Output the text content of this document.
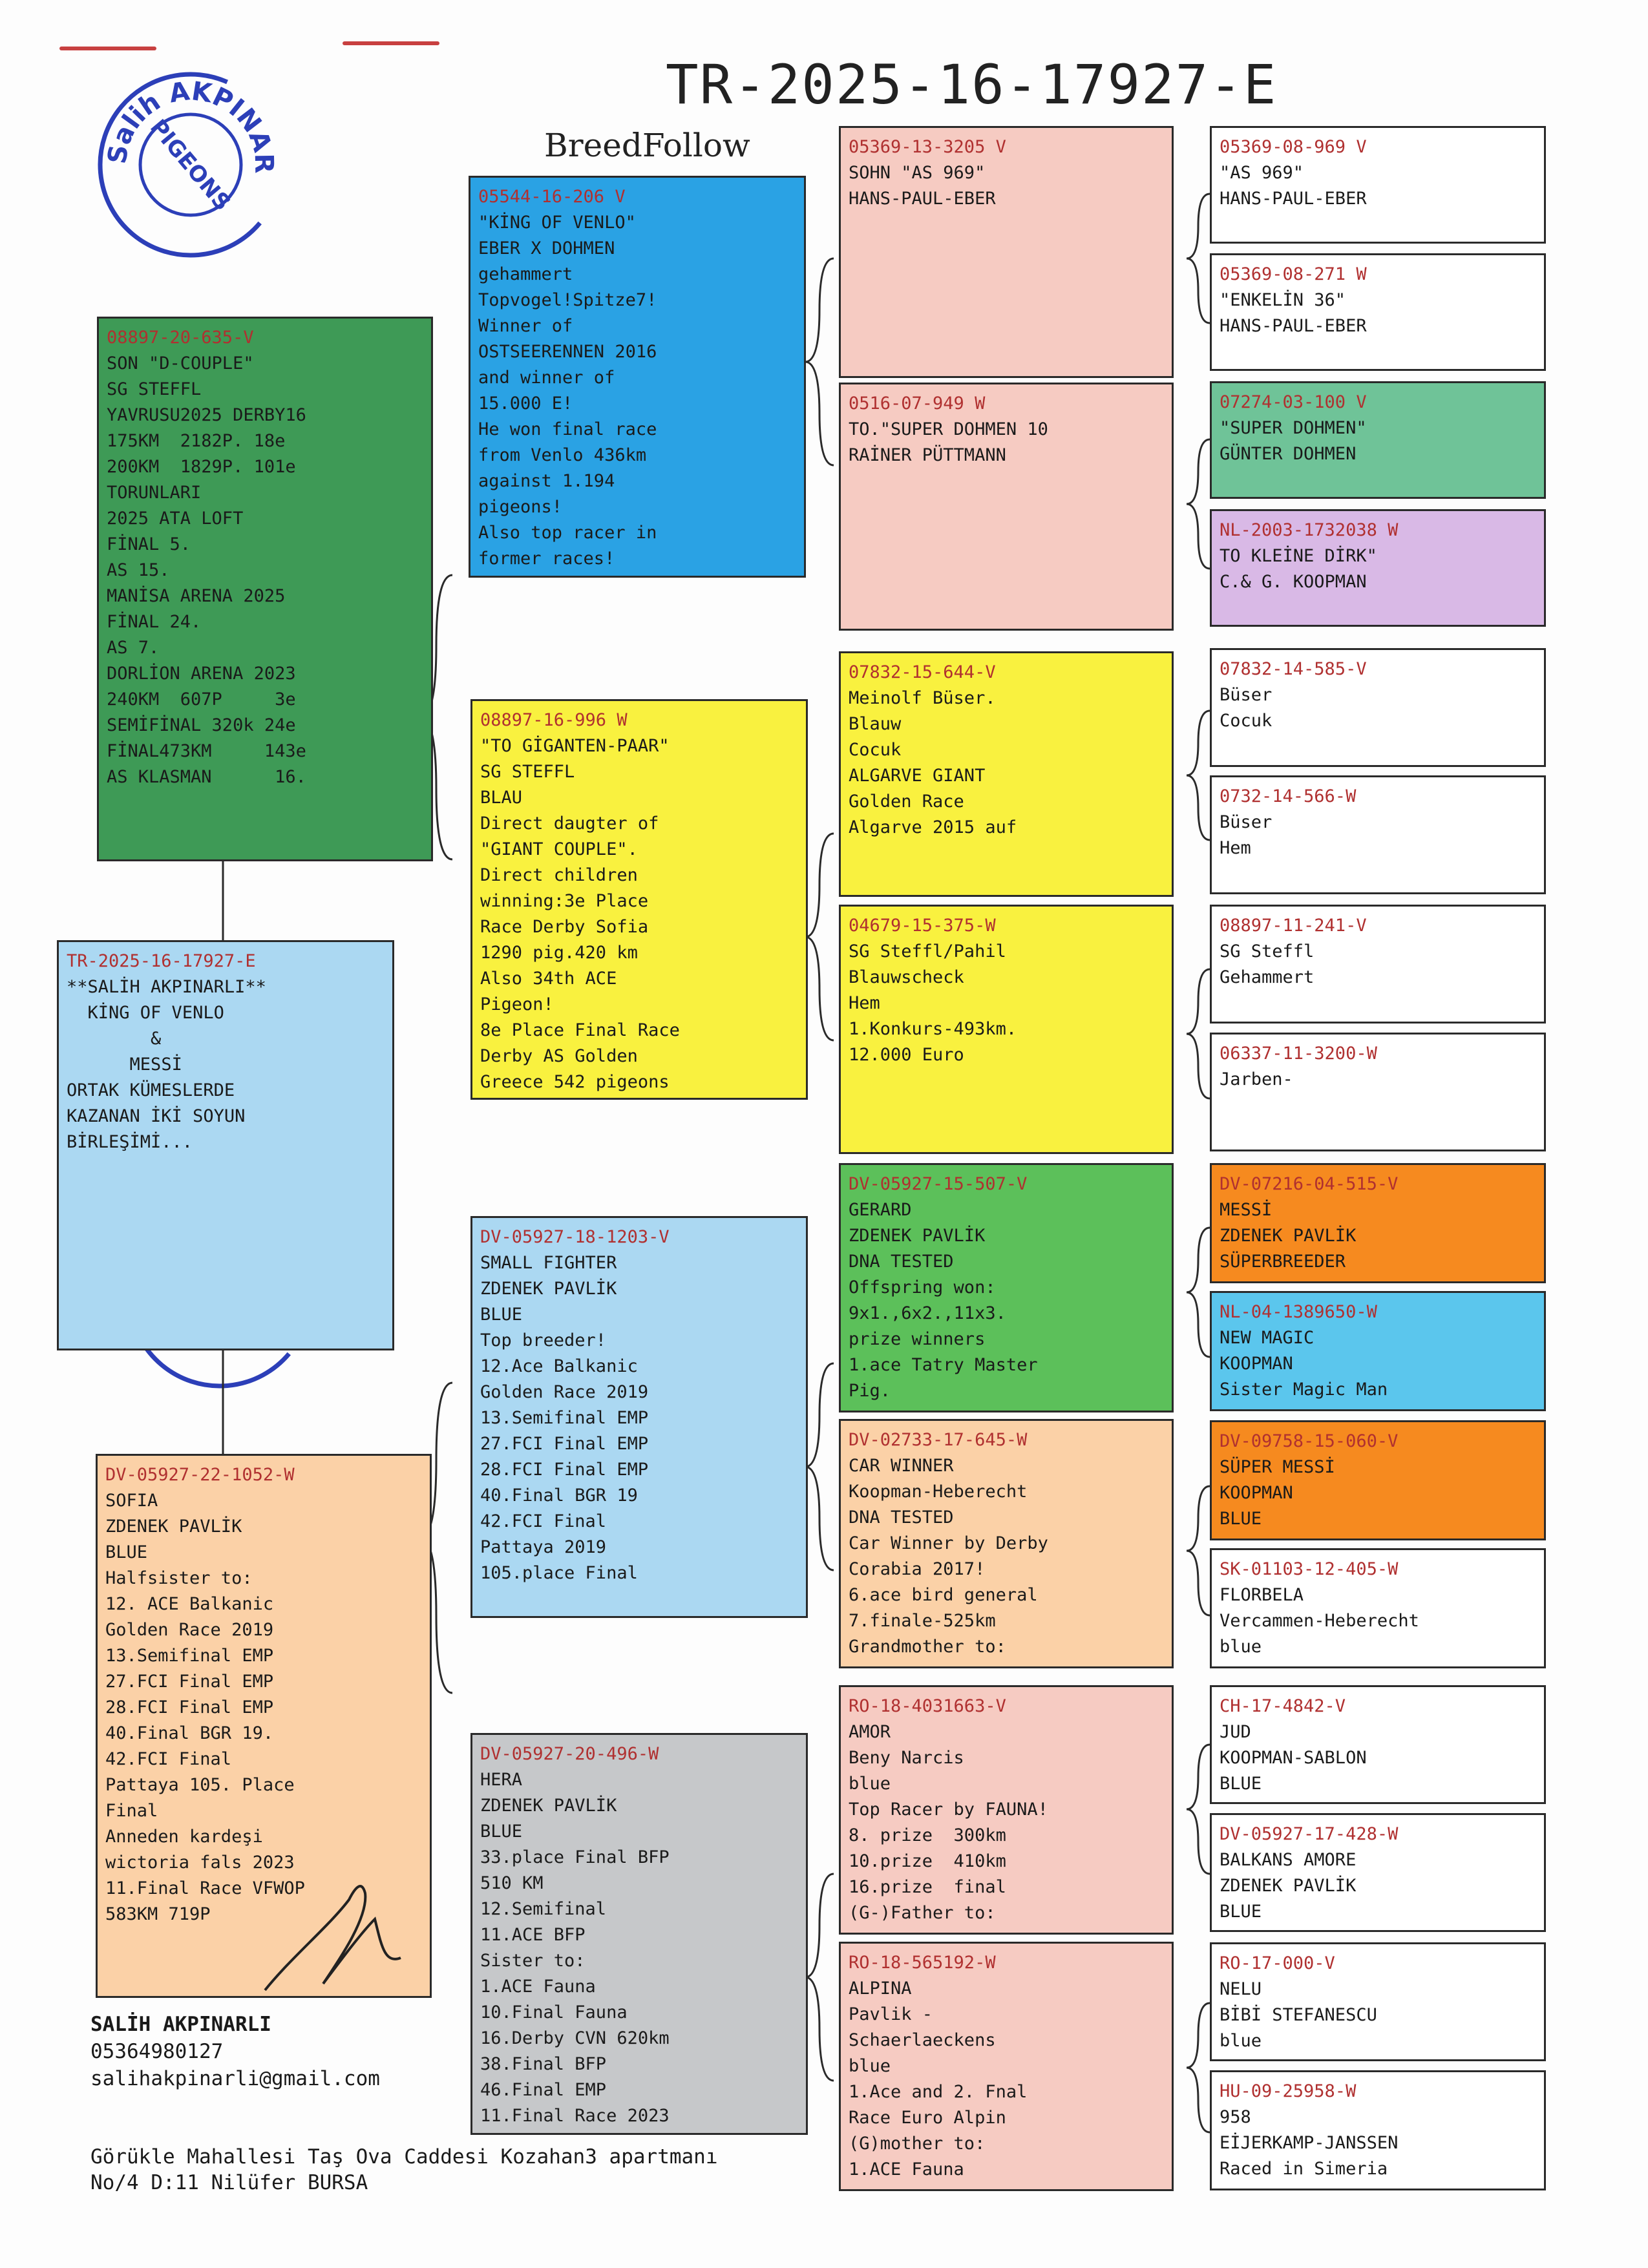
Salih AKPINAR
PIGEONS
TR-2025-16-17927-E
BreedFollow
TR-2025-16-17927-E
**SALİH AKPINARLI**
KİNG OF VENLO
&
MESSİ
ORTAK KÜMESLERDE
KAZANAN İKİ SOYUN
BİRLEŞİMİ...
08897-20-635-V
SON "D-COUPLE"
SG STEFFL
YAVRUSU2025 DERBY16
175KM  2182P. 18e
200KM  1829P. 101e
TORUNLARI
2025 ATA LOFT
FİNAL 5.
AS 15.
MANİSA ARENA 2025
FİNAL 24.
AS 7.
DORLİON ARENA 2023
240KM  607P     3e
SEMİFİNAL 320k 24e
FİNAL473KM     143e
AS KLASMAN      16.
DV-05927-22-1052-W
SOFIA
ZDENEK PAVLİK
BLUE
Halfsister to:
12. ACE Balkanic
Golden Race 2019
13.Semifinal EMP
27.FCI Final EMP
28.FCI Final EMP
40.Final BGR 19.
42.FCI Final
Pattaya 105. Place
Final
Anneden kardeşi
wictoria fals 2023
11.Final Race VFWOP
583KM 719P
05544-16-206 V
"KİNG OF VENLO"
EBER X DOHMEN
gehammert
Topvogel!Spitze7!
Winner of
OSTSEERENNEN 2016
and winner of
15.000 E!
He won final race
from Venlo 436km
against 1.194
pigeons!
Also top racer in
former races!
08897-16-996 W
"TO GİGANTEN-PAAR"
SG STEFFL
BLAU
Direct daugter of
"GIANT COUPLE".
Direct children
winning:3e Place
Race Derby Sofia
1290 pig.420 km
Also 34th ACE
Pigeon!
8e Place Final Race
Derby AS Golden
Greece 542 pigeons
DV-05927-18-1203-V
SMALL FIGHTER
ZDENEK PAVLİK
BLUE
Top breeder!
12.Ace Balkanic
Golden Race 2019
13.Semifinal EMP
27.FCI Final EMP
28.FCI Final EMP
40.Final BGR 19
42.FCI Final
Pattaya 2019
105.place Final
DV-05927-20-496-W
HERA
ZDENEK PAVLİK
BLUE
33.place Final BFP
510 KM
12.Semifinal
11.ACE BFP
Sister to:
1.ACE Fauna
10.Final Fauna
16.Derby CVN 620km
38.Final BFP
46.Final EMP
11.Final Race 2023
05369-13-3205 V
SOHN "AS 969"
HANS-PAUL-EBER
0516-07-949 W
TO."SUPER DOHMEN 10
RAİNER PÜTTMANN
07832-15-644-V
Meinolf Büser.
Blauw
Cocuk
ALGARVE GIANT
Golden Race
Algarve 2015 auf
04679-15-375-W
SG Steffl/Pahil
Blauwscheck
Hem
1.Konkurs-493km.
12.000 Euro
DV-05927-15-507-V
GERARD
ZDENEK PAVLİK
DNA TESTED
Offspring won:
9x1.,6x2.,11x3.
prize winners
1.ace Tatry Master
Pig.
DV-02733-17-645-W
CAR WINNER
Koopman-Heberecht
DNA TESTED
Car Winner by Derby
Corabia 2017!
6.ace bird general
7.finale-525km
Grandmother to:
RO-18-4031663-V
AMOR
Beny Narcis
blue
Top Racer by FAUNA!
8. prize  300km
10.prize  410km
16.prize  final
(G-)Father to:
RO-18-565192-W
ALPINA
Pavlik -
Schaerlaeckens
blue
1.Ace and 2. Fnal
Race Euro Alpin
(G)mother to:
1.ACE Fauna
05369-08-969 V
"AS 969"
HANS-PAUL-EBER
05369-08-271 W
"ENKELİN 36"
HANS-PAUL-EBER
07274-03-100 V
"SUPER DOHMEN"
GÜNTER DOHMEN
NL-2003-1732038 W
TO KLEİNE DİRK"
C.& G. KOOPMAN
07832-14-585-V
Büser
Cocuk
0732-14-566-W
Büser
Hem
08897-11-241-V
SG Steffl
Gehammert
06337-11-3200-W
Jarben-
DV-07216-04-515-V
MESSİ
ZDENEK PAVLİK
SÜPERBREEDER
NL-04-1389650-W
NEW MAGIC
KOOPMAN
Sister Magic Man
DV-09758-15-060-V
SÜPER MESSİ
KOOPMAN
BLUE
SK-01103-12-405-W
FLORBELA
Vercammen-Heberecht
blue
CH-17-4842-V
JUD
KOOPMAN-SABLON
BLUE
DV-05927-17-428-W
BALKANS AMORE
ZDENEK PAVLİK
BLUE
RO-17-000-V
NELU
BİBİ STEFANESCU
blue
HU-09-25958-W
958
EİJERKAMP-JANSSEN
Raced in Simeria
SALİH AKPINARLI
05364980127
salihakpinarli@gmail.com
Görükle Mahallesi Taş Ova Caddesi Kozahan3 apartmanı
No/4 D:11 Nilüfer BURSA
